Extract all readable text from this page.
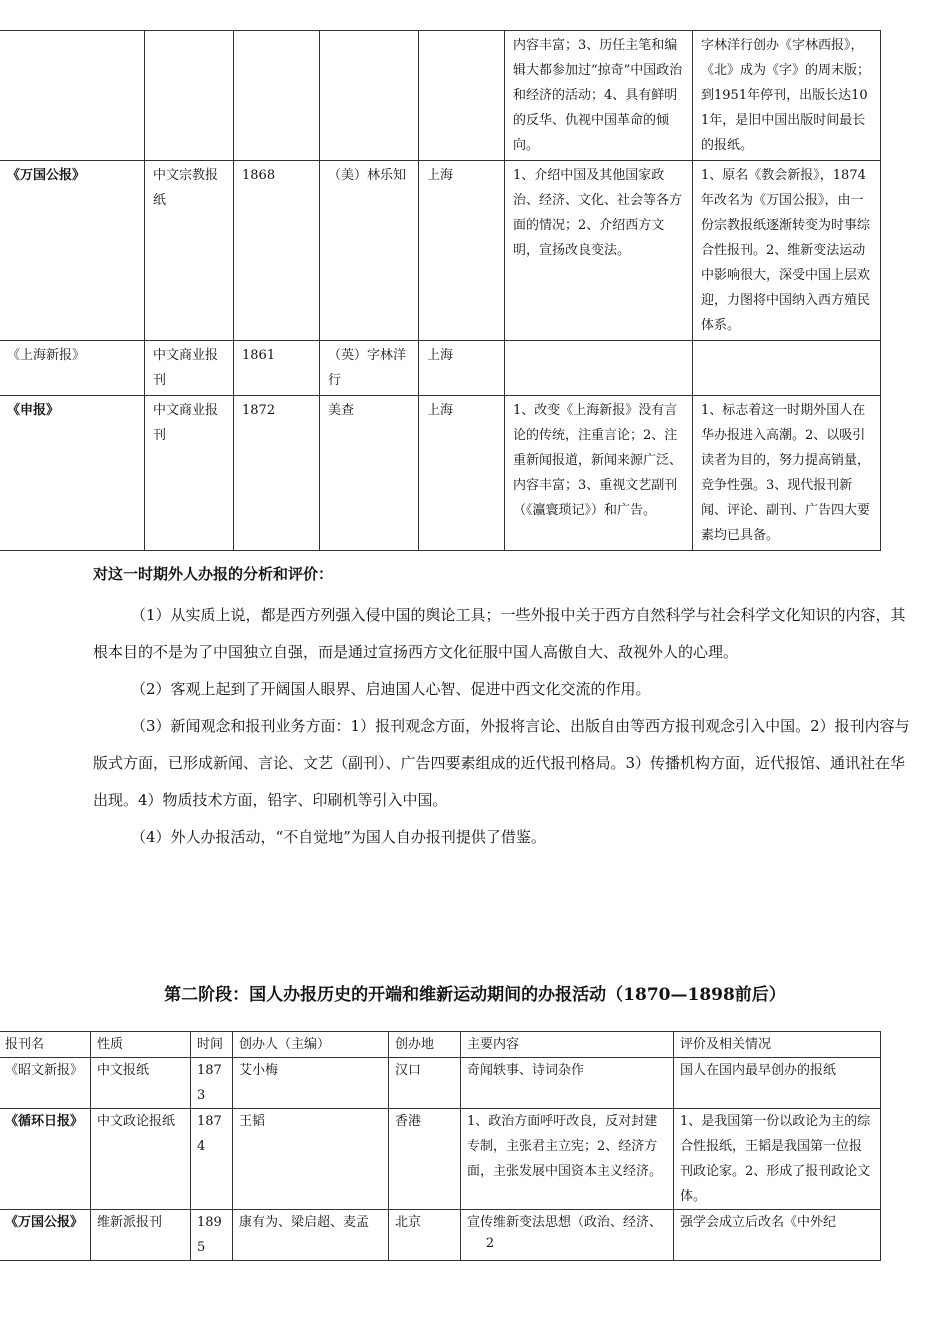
					内容丰富；3、历任主笔和编辑大都参加过“掠奇”中国政治和经济的活动；4、具有鲜明的反华、仇视中国革命的倾向。	字林洋行创办《字林西报》，《北》成为《字》的周末版；到1951年停刊，出版长达101年，是旧中国出版时间最长的报纸。
《万国公报》	中文宗教报纸	1868	（美）林乐知	上海	1、介绍中国及其他国家政治、经济、文化、社会等各方面的情况；2、介绍西方文明，宣扬改良变法。	1、原名《教会新报》，1874年改名为《万国公报》，由一份宗教报纸逐渐转变为时事综合性报刊。2、维新变法运动中影响很大，深受中国上层欢迎，力图将中国纳入西方殖民体系。
《上海新报》	中文商业报刊	1861	（英）字林洋行	上海		
《申报》	中文商业报刊	1872	美查	上海	1、改变《上海新报》没有言论的传统，注重言论；2、注重新闻报道，新闻来源广泛、内容丰富；3、重视文艺副刊（《瀛寰琐记》）和广告。	1、标志着这一时期外国人在华办报进入高潮。2、以吸引读者为目的，努力提高销量，竞争性强。3、现代报刊新闻、评论、副刊、广告四大要素均已具备。
对这一时期外人办报的分析和评价：
（1）从实质上说，都是西方列强入侵中国的舆论工具；一些外报中关于西方自然科学与社会科学文化知识的内容，其根本目的不是为了中国独立自强，而是通过宣扬西方文化征服中国人高傲自大、敌视外人的心理。
（2）客观上起到了开阔国人眼界、启迪国人心智、促进中西文化交流的作用。
（3）新闻观念和报刊业务方面：1）报刊观念方面，外报将言论、出版自由等西方报刊观念引入中国。2）报刊内容与版式方面，已形成新闻、言论、文艺（副刊）、广告四要素组成的近代报刊格局。3）传播机构方面，近代报馆、通讯社在华出现。4）物质技术方面，铅字、印刷机等引入中国。
（4）外人办报活动，“不自觉地”为国人自办报刊提供了借鉴。
第二阶段：国人办报历史的开端和维新运动期间的办报活动（1870—1898前后）
报刊名	性质	时间	创办人（主编）	创办地	主要内容	评价及相关情况
《昭文新报》	中文报纸	1873	艾小梅	汉口	奇闻轶事、诗词杂作	国人在国内最早创办的报纸
《循环日报》	中文政论报纸	1874	王韬	香港	1、政治方面呼吁改良，反对封建专制，主张君主立宪；2、经济方面，主张发展中国资本主义经济。	1、是我国第一份以政论为主的综合性报纸，王韬是我国第一位报刊政论家。2、形成了报刊政论文体。
《万国公报》	维新派报刊	1895	康有为、梁启超、麦孟	北京	宣传维新变法思想（政治、经济、	强学会成立后改名《中外纪
2
